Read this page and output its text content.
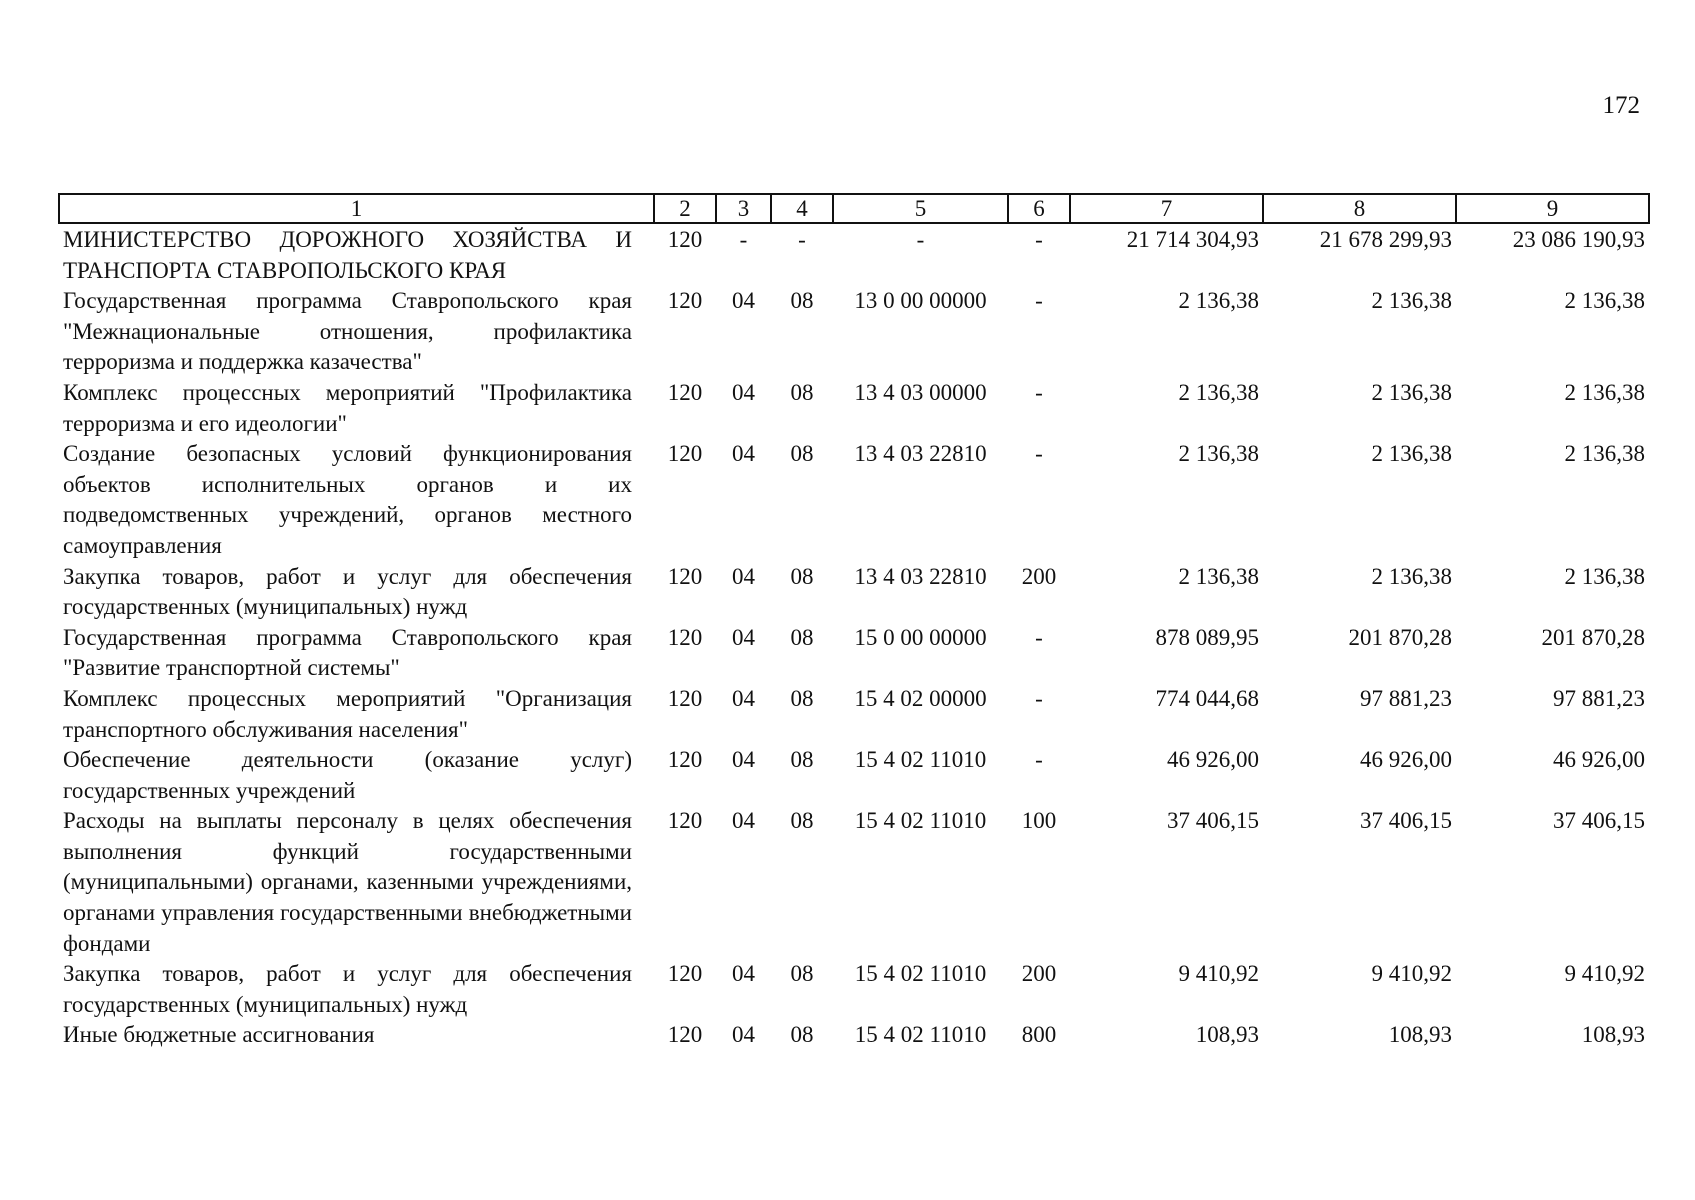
172
1	2	3	4	5	6	7	8	9
МИНИСТЕРСТВО ДОРОЖНОГО ХОЗЯЙСТВА И ТРАНСПОРТА СТАВРОПОЛЬСКОГО КРАЯ	120	-	-	-	-	21 714 304,93	21 678 299,93	23 086 190,93
Государственная программа Ставропольского края "Межнациональные отношения, профилактика терроризма и поддержка казачества"	120	04	08	13 0 00 00000	-	2 136,38	2 136,38	2 136,38
Комплекс процессных мероприятий "Профилактика терроризма и его идеологии"	120	04	08	13 4 03 00000	-	2 136,38	2 136,38	2 136,38
Создание безопасных условий функционирования объектов исполнительных органов и их подведомственных учреждений, органов местного самоуправления	120	04	08	13 4 03 22810	-	2 136,38	2 136,38	2 136,38
Закупка товаров, работ и услуг для обеспечения государственных (муниципальных) нужд	120	04	08	13 4 03 22810	200	2 136,38	2 136,38	2 136,38
Государственная программа Ставропольского края "Развитие транспортной системы"	120	04	08	15 0 00 00000	-	878 089,95	201 870,28	201 870,28
Комплекс процессных мероприятий "Организация транспортного обслуживания населения"	120	04	08	15 4 02 00000	-	774 044,68	97 881,23	97 881,23
Обеспечение деятельности (оказание услуг) государственных учреждений	120	04	08	15 4 02 11010	-	46 926,00	46 926,00	46 926,00
Расходы на выплаты персоналу в целях обеспечения выполнения функций государственными (муниципальными) органами, казенными учреждениями, органами управления государственными внебюджетными фондами	120	04	08	15 4 02 11010	100	37 406,15	37 406,15	37 406,15
Закупка товаров, работ и услуг для обеспечения государственных (муниципальных) нужд	120	04	08	15 4 02 11010	200	9 410,92	9 410,92	9 410,92
Иные бюджетные ассигнования	120	04	08	15 4 02 11010	800	108,93	108,93	108,93
